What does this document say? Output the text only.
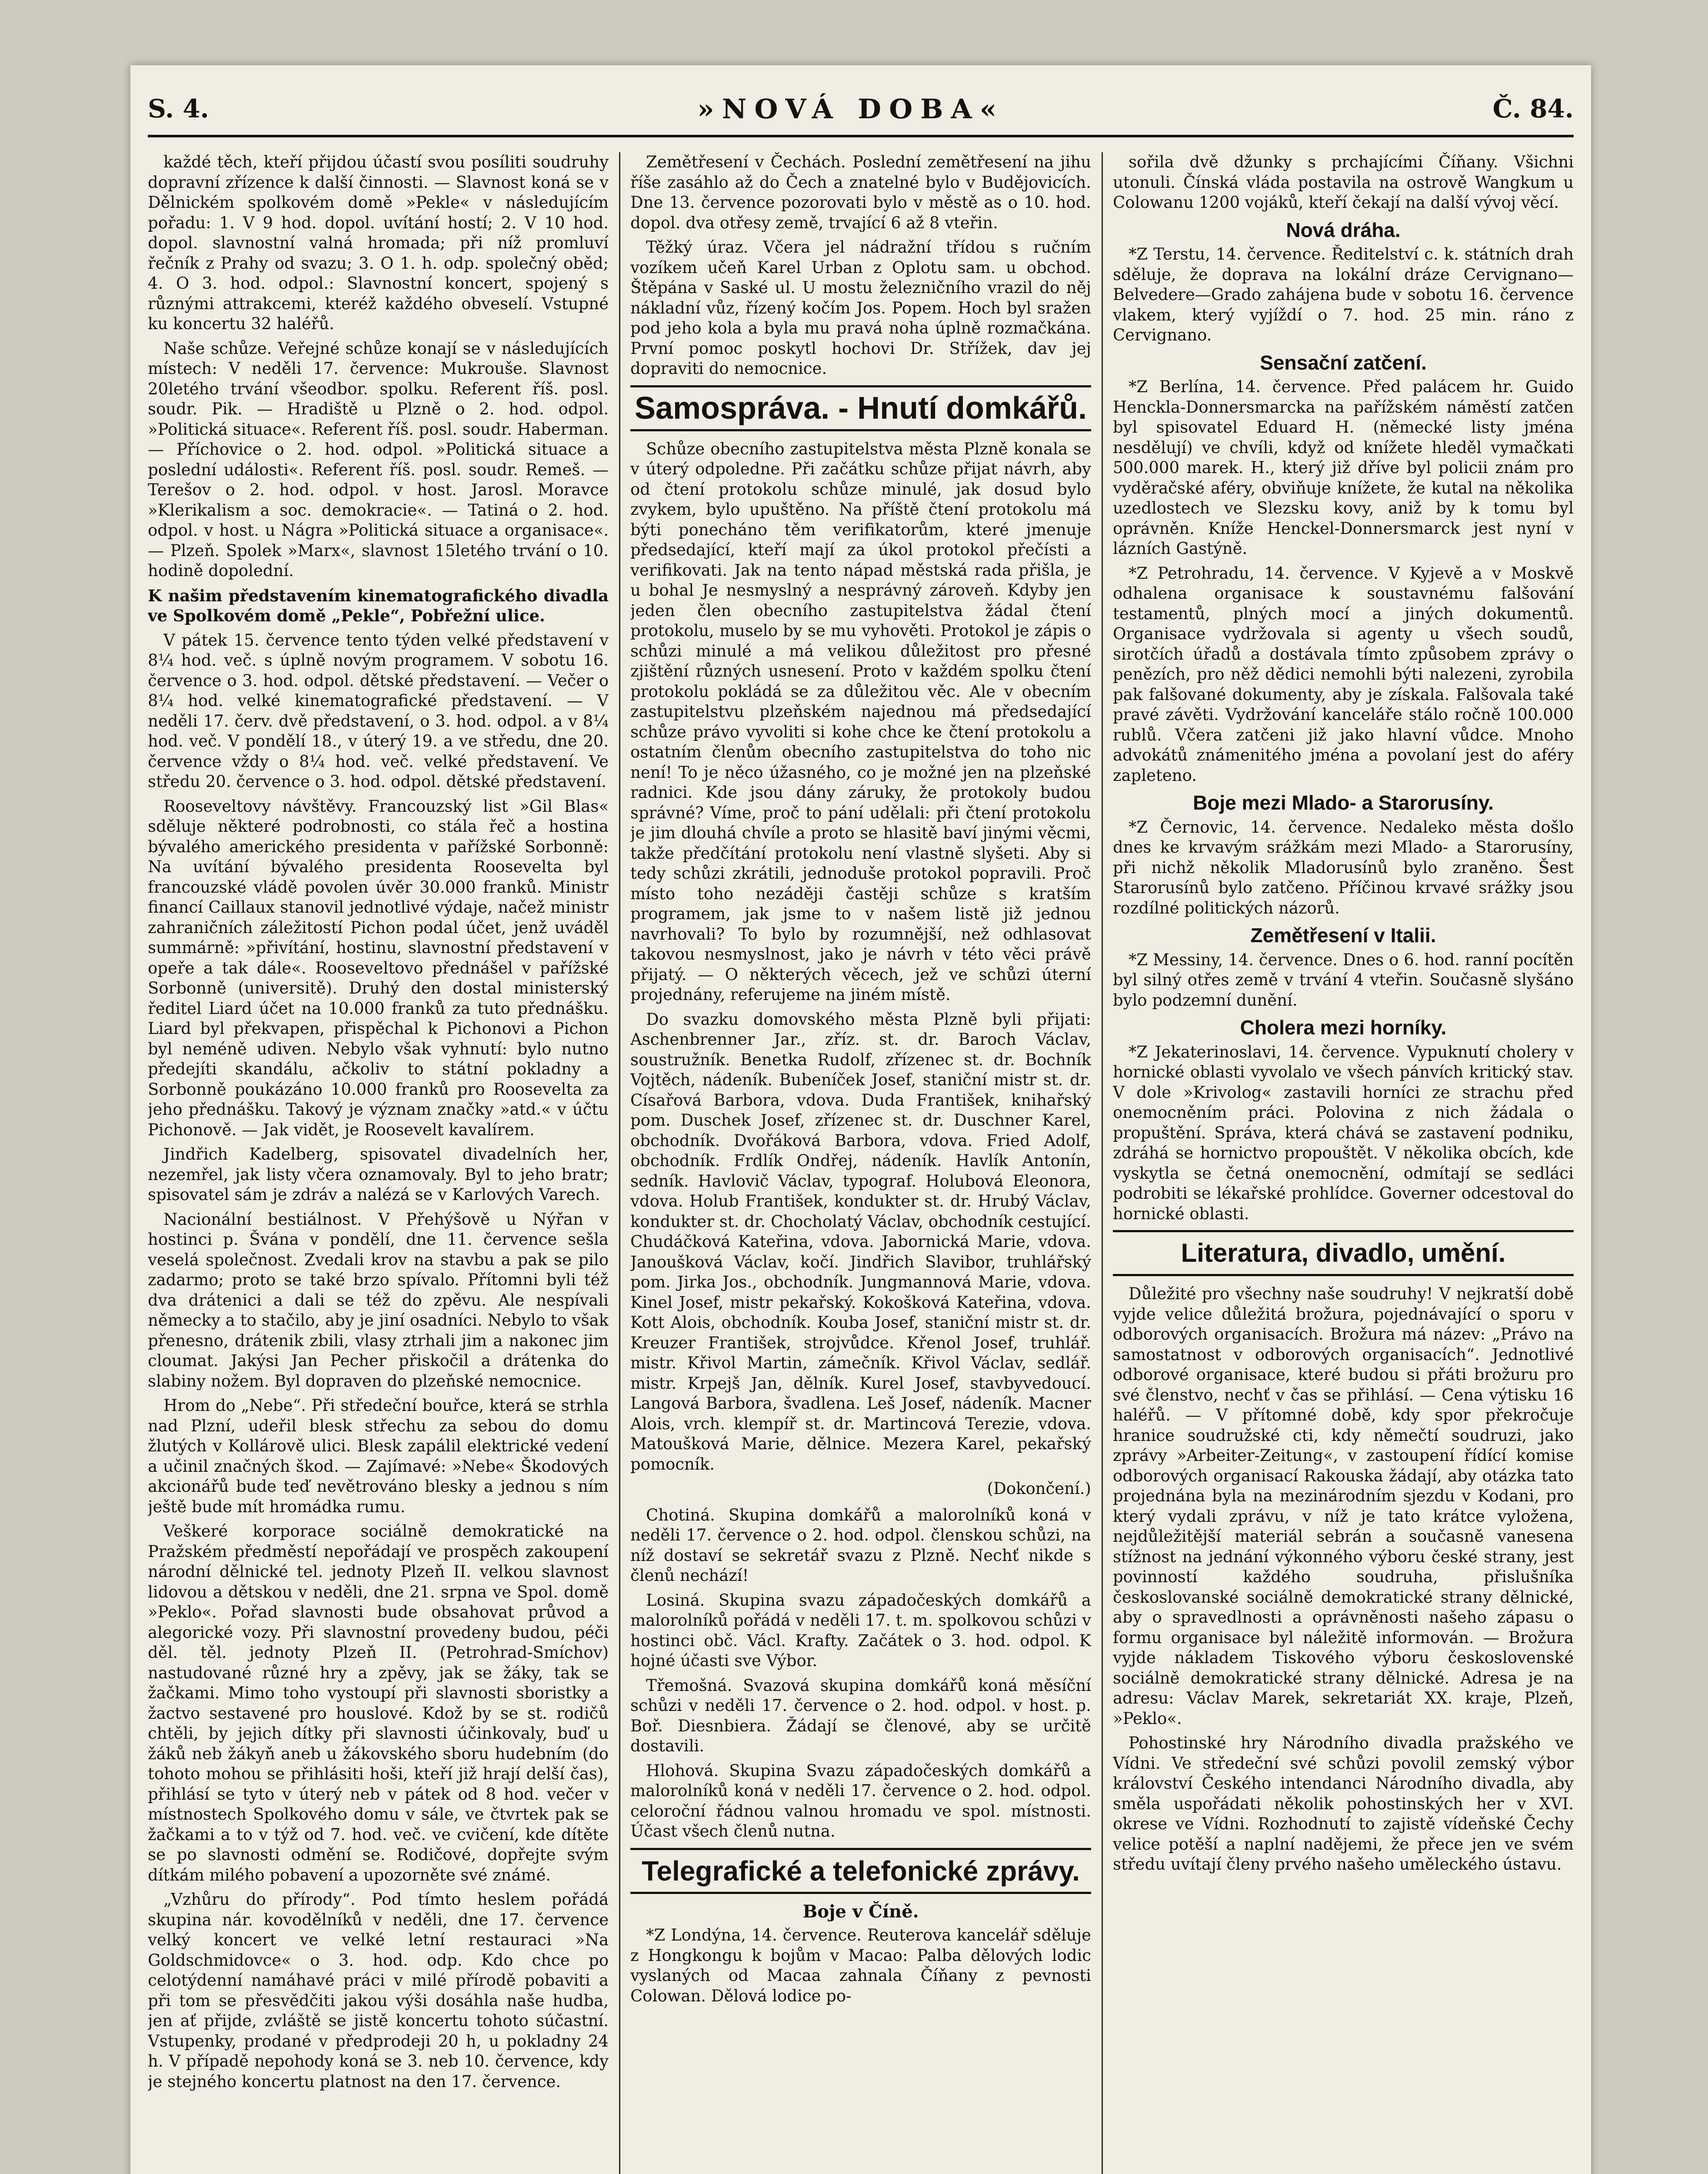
S. 4.	»NOVÁ DOBA«	Č. 84.

každé těch, kteří přijdou účastí svou posíliti soudruhy dopravní zřízence k další činnosti. — Slavnost koná se v Dělnickém spolkovém domě »Pekle« v následujícím pořadu: 1. V 9 hod. dopol. uvítání hostí; 2. V 10 hod. dopol. slavnostní valná hromada; při níž promluví řečník z Prahy od svazu; 3. O 1. h. odp. společný oběd; 4. O 3. hod. odpol.: Slavnostní koncert, spojený s různými attrakcemi, kteréž každého obveselí. Vstupné ku koncertu 32 haléřů.

Naše schůze. Veřejné schůze konají se v následujících místech: V neděli 17. července: Mukrouše. Slavnost 20letého trvání všeodbor. spolku. Referent říš. posl. soudr. Pik. — Hradiště u Plzně o 2. hod. odpol. »Politická situace«. Referent říš. posl. soudr. Haberman. — Příchovice o 2. hod. odpol. »Politická situace a poslední události«. Referent říš. posl. soudr. Remeš. — Terešov o 2. hod. odpol. v host. Jarosl. Moravce »Klerikalism a soc. demokracie«. — Tatiná o 2. hod. odpol. v host. u Nágra »Politická situace a organisace«. — Plzeň. Spolek »Marx«, slavnost 15letého trvání o 10. hodině dopolední.

K našim představením kinematografického divadla ve Spolkovém domě „Pekle“, Pobřežní ulice.

V pátek 15. července tento týden velké představení v 8¼ hod. več. s úplně novým programem. V sobotu 16. července o 3. hod. odpol. dětské představení. — Večer o 8¼ hod. velké kinematografické představení. — V neděli 17. červ. dvě představení, o 3. hod. odpol. a v 8¼ hod. več. V pondělí 18., v úterý 19. a ve středu, dne 20. července vždy o 8¼ hod. več. velké představení. Ve středu 20. července o 3. hod. odpol. dětské představení.

Rooseveltovy návštěvy. Francouzský list »Gil Blas« sděluje některé podrobnosti, co stála řeč a hostina bývalého amerického presidenta v pařížské Sorbonně: Na uvítání bývalého presidenta Roosevelta byl francouzské vládě povolen úvěr 30.000 franků. Ministr financí Caillaux stanovil jednotlivé výdaje, načež ministr zahraničních záležitostí Pichon podal účet, jenž uváděl summárně: »přivítání, hostinu, slavnostní představení v opeře a tak dále«. Rooseveltovo přednášel v pařížské Sorbonně (universitě). Druhý den dostal ministerský ředitel Liard účet na 10.000 franků za tuto přednášku. Liard byl překvapen, přispěchal k Pichonovi a Pichon byl neméně udiven. Nebylo však vyhnutí: bylo nutno předejíti skandálu, ačkoliv to státní pokladny a Sorbonně poukázáno 10.000 franků pro Roosevelta za jeho přednášku. Takový je význam značky »atd.« v účtu Pichonově. — Jak vidět, je Roosevelt kavalírem.

Jindřich Kadelberg, spisovatel divadelních her, nezemřel, jak listy včera oznamovaly. Byl to jeho bratr; spisovatel sám je zdráv a nalézá se v Karlových Varech.

Nacionální bestiálnost. V Přehýšově u Nýřan v hostinci p. Švána v pondělí, dne 11. července sešla veselá společnost. Zvedali krov na stavbu a pak se pilo zadarmo; proto se také brzo spívalo. Přítomni byli též dva drátenici a dali se též do zpěvu. Ale nespívali německy a to stačilo, aby je jiní osadníci. Nebylo to však přenesno, drátenik zbili, vlasy ztrhali jim a nakonec jim cloumat. Jakýsi Jan Pecher přiskočil a drátenka do slabiny nožem. Byl dopraven do plzeňské nemocnice.

Hrom do „Nebe“. Při středeční bouřce, která se strhla nad Plzní, udeřil blesk střechu za sebou do domu žlutých v Kollárově ulici. Blesk zapálil elektrické vedení a učinil značných škod. — Zajímavé: »Nebe« Škodových akcionářů bude teď nevětrováno blesky a jednou s ním ještě bude mít hromádka rumu.

Veškeré korporace sociálně demokratické na Pražském předměstí nepořádají ve prospěch zakoupení národní dělnické tel. jednoty Plzeň II. velkou slavnost lidovou a dětskou v neděli, dne 21. srpna ve Spol. domě »Peklo«. Pořad slavnosti bude obsahovat průvod a alegorické vozy. Při slavnostní provedeny budou, péči děl. těl. jednoty Plzeň II. (Petrohrad-Smíchov) nastudované různé hry a zpěvy, jak se žáky, tak se žačkami. Mimo toho vystoupí při slavnosti sboristky a žactvo sestavené pro houslové. Kdož by se st. rodičů chtěli, by jejich dítky při slavnosti účinkovaly, buď u žáků neb žákyň aneb u žákovského sboru hudebním (do tohoto mohou se přihlásiti hoši, kteří již hrají delší čas), přihlásí se tyto v úterý neb v pátek od 8 hod. večer v místnostech Spolkového domu v sále, ve čtvrtek pak se žačkami a to v týž od 7. hod. več. ve cvičení, kde dítěte se po slavnosti odmění se. Rodičové, dopřejte svým dítkám milého pobavení a upozorněte své známé.

„Vzhůru do přírody“. Pod tímto heslem pořádá skupina nár. kovodělníků v neděli, dne 17. července velký koncert ve velké letní restauraci »Na Goldschmidovce« o 3. hod. odp. Kdo chce po celotýdenní namáhavé práci v milé přírodě pobaviti a při tom se přesvědčiti jakou výši dosáhla naše hudba, jen ať přijde, zvláště se jistě koncertu tohoto súčastní. Vstupenky, prodané v předprodeji 20 h, u pokladny 24 h. V případě nepohody koná se 3. neb 10. července, kdy je stejného koncertu platnost na den 17. července.

Zemětřesení v Čechách. Poslední zemětřesení na jihu říše zasáhlo až do Čech a znatelné bylo v Budějovicích. Dne 13. července pozorovati bylo v městě as o 10. hod. dopol. dva otřesy země, trvající 6 až 8 vteřin.

Těžký úraz. Včera jel nádražní třídou s ručním vozíkem učeň Karel Urban z Oplotu sam. u obchod. Štěpána v Saské ul. U mostu železničního vrazil do něj nákladní vůz, řízený kočím Jos. Popem. Hoch byl sražen pod jeho kola a byla mu pravá noha úplně rozmačkána. První pomoc poskytl hochovi Dr. Střížek, dav jej dopraviti do nemocnice.

Samospráva. - Hnutí domkářů.

Schůze obecního zastupitelstva města Plzně konala se v úterý odpoledne. Při začátku schůze přijat návrh, aby od čtení protokolu schůze minulé, jak dosud bylo zvykem, bylo upuštěno. Na příště čtení protokolu má býti ponecháno těm verifikatorům, které jmenuje předsedající, kteří mají za úkol protokol přečísti a verifikovati. Jak na tento nápad městská rada přišla, je u bohal Je nesmyslný a nesprávný zároveň. Kdyby jen jeden člen obecního zastupitelstva žádal čtení protokolu, muselo by se mu vyhověti. Protokol je zápis o schůzi minulé a má velikou důležitost pro přesné zjištění různých usnesení. Proto v každém spolku čtení protokolu pokládá se za důležitou věc. Ale v obecním zastupitelstvu plzeňském najednou má předsedající schůze právo vyvoliti si kohe chce ke čtení protokolu a ostatním členům obecního zastupitelstva do toho nic není! To je něco úžasného, co je možné jen na plzeňské radnici. Kde jsou dány záruky, že protokoly budou správné? Víme, proč to pání udělali: při čtení protokolu je jim dlouhá chvíle a proto se hlasitě baví jinými věcmi, takže předčítání protokolu není vlastně slyšeti. Aby si tedy schůzi zkrátili, jednoduše protokol popravili. Proč místo toho nezáději častěji schůze s kratším programem, jak jsme to v našem listě již jednou navrhovali? To bylo by rozumnější, než odhlasovat takovou nesmyslnost, jako je návrh v této věci právě přijatý. — O některých věcech, jež ve schůzi úterní projednány, referujeme na jiném místě.

Do svazku domovského města Plzně byli přijati: Aschenbrenner Jar., zříz. st. dr. Baroch Václav, soustružník. Benetka Rudolf, zřízenec st. dr. Bochník Vojtěch, nádeník. Bubeníček Josef, staniční mistr st. dr. Císařová Barbora, vdova. Duda František, knihařský pom. Duschek Josef, zřízenec st. dr. Duschner Karel, obchodník. Dvořáková Barbora, vdova. Fried Adolf, obchodník. Frdlík Ondřej, nádeník. Havlík Antonín, sedník. Havlovič Václav, typograf. Holubová Eleonora, vdova. Holub František, kondukter st. dr. Hrubý Václav, kondukter st. dr. Chocholatý Václav, obchodník cestující. Chudáčková Kateřina, vdova. Jabornická Marie, vdova. Janoušková Václav, kočí. Jindřich Slavibor, truhlářský pom. Jirka Jos., obchodník. Jungmannová Marie, vdova. Kinel Josef, mistr pekařský. Kokošková Kateřina, vdova. Kott Alois, obchodník. Kouba Josef, staniční mistr st. dr. Kreuzer František, strojvůdce. Křenol Josef, truhlář. mistr. Křivol Martin, zámečník. Křivol Václav, sedlář. mistr. Krpejš Jan, dělník. Kurel Josef, stavbyvedoucí. Langová Barbora, švadlena. Leš Josef, nádeník. Macner Alois, vrch. klempíř st. dr. Martincová Terezie, vdova. Matoušková Marie, dělnice. Mezera Karel, pekařský pomocník.

(Dokončení.)

Chotiná. Skupina domkářů a malorolníků koná v neděli 17. července o 2. hod. odpol. členskou schůzi, na níž dostaví se sekretář svazu z Plzně. Nechť nikde s členů nechází!

Losiná. Skupina svazu západočeských domkářů a malorolníků pořádá v neděli 17. t. m. spolkovou schůzi v hostinci obč. Václ. Krafty. Začátek o 3. hod. odpol. K hojné účasti sve Výbor.

Třemošná. Svazová skupina domkářů koná měsíční schůzi v neděli 17. července o 2. hod. odpol. v host. p. Boř. Diesnbiera. Žádají se členové, aby se určitě dostavili.

Hlohová. Skupina Svazu západočeských domkářů a malorolníků koná v neděli 17. července o 2. hod. odpol. celoroční řádnou valnou hromadu ve spol. místnosti. Účast všech členů nutna.

Telegrafické a telefonické zprávy.
Boje v Číně.

*Z Londýna, 14. července. Reuterova kancelář sděluje z Hongkongu k bojům v Macao: Palba dělových lodic vyslaných od Macaa zahnala Číňany z pevnosti Colowan. Dělová lodice po-

sořila dvě džunky s prchajícími Číňany. Všichni utonuli. Čínská vláda postavila na ostrově Wangkum u Colowanu 1200 vojáků, kteří čekají na další vývoj věcí.

Nová dráha.

*Z Terstu, 14. července. Ředitelství c. k. státních drah sděluje, že doprava na lokální dráze Cervignano—Belvedere—Grado zahájena bude v sobotu 16. července vlakem, který vyjíždí o 7. hod. 25 min. ráno z Cervignano.

Sensační zatčení.

*Z Berlína, 14. července. Před palácem hr. Guido Henckla-Donnersmarcka na pařížském náměstí zatčen byl spisovatel Eduard H. (německé listy jména nesdělují) ve chvíli, když od knížete hleděl vymačkati 500.000 marek. H., který již dříve byl policii znám pro vyděračské aféry, obviňuje knížete, že kutal na několika uzedlostech ve Slezsku kovy, aniž by k tomu byl oprávněn. Kníže Henckel-Donnersmarck jest nyní v lázních Gastýně.

*Z Petrohradu, 14. července. V Kyjevě a v Moskvě odhalena organisace k soustavnému falšování testamentů, plných mocí a jiných dokumentů. Organisace vydržovala si agenty u všech soudů, sirotčích úřadů a dostávala tímto způsobem zprávy o penězích, pro něž dědici nemohli býti nalezeni, zyrobila pak falšované dokumenty, aby je získala. Falšovala také pravé závěti. Vydržování kanceláře stálo ročně 100.000 rublů. Včera zatčeni již jako hlavní vůdce. Mnoho advokátů známenitého jména a povolaní jest do aféry zapleteno.

Boje mezi Mlado- a Starorusíny.

*Z Černovic, 14. července. Nedaleko města došlo dnes ke krvavým srážkám mezi Mlado- a Starorusíny, při nichž několik Mladorusínů bylo zraněno. Šest Starorusínů bylo zatčeno. Příčinou krvavé srážky jsou rozdílné politických názorů.

Zemětřesení v Italii.

*Z Messiny, 14. července. Dnes o 6. hod. ranní pocítěn byl silný otřes země v trvání 4 vteřin. Současně slyšáno bylo podzemní dunění.

Cholera mezi horníky.

*Z Jekaterinoslavi, 14. července. Vypuknutí cholery v hornické oblasti vyvolalo ve všech pánvích kritický stav. V dole »Krivolog« zastavili horníci ze strachu před onemocněním práci. Polovina z nich žádala o propuštění. Správa, která chává se zastavení podniku, zdráhá se hornictvo propouštět. V několika obcích, kde vyskytla se četná onemocnění, odmítají se sedláci podrobiti se lékařské prohlídce. Governer odcestoval do hornické oblasti.

Literatura, divadlo, umění.

Důležité pro všechny naše soudruhy! V nejkratší době vyjde velice důležitá brožura, pojednávající o sporu v odborových organisacích. Brožura má název: „Právo na samostatnost v odborových organisacích“. Jednotlivé odborové organisace, které budou si přáti brožuru pro své členstvo, nechť v čas se přihlásí. — Cena výtisku 16 haléřů. — V přítomné době, kdy spor překročuje hranice soudružské cti, kdy němečtí soudruzi, jako zprávy »Arbeiter-Zeitung«, v zastoupení řídící komise odborových organisací Rakouska žádají, aby otázka tato projednána byla na mezinárodním sjezdu v Kodani, pro který vydali zprávu, v níž je tato krátce vyložena, nejdůležitější materiál sebrán a současně vanesena stížnost na jednání výkonného výboru české strany, jest povinností každého soudruha, přislušníka českoslovanské sociálně demokratické strany dělnické, aby o spravedlnosti a oprávněnosti našeho zápasu o formu organisace byl náležitě informován. — Brožura vyjde nákladem Tiskového výboru československé sociálně demokratické strany dělnické. Adresa je na adresu: Václav Marek, sekretariát XX. kraje, Plzeň, »Peklo«.

Pohostinské hry Národního divadla pražského ve Vídni. Ve středeční své schůzi povolil zemský výbor království Českého intendanci Národního divadla, aby směla uspořádati několik pohostinských her v XVI. okrese ve Vídni. Rozhodnutí to zajistě vídeňské Čechy velice potěší a naplní nadějemi, že přece jen ve svém středu uvítají členy prvého našeho uměleckého ústavu.
